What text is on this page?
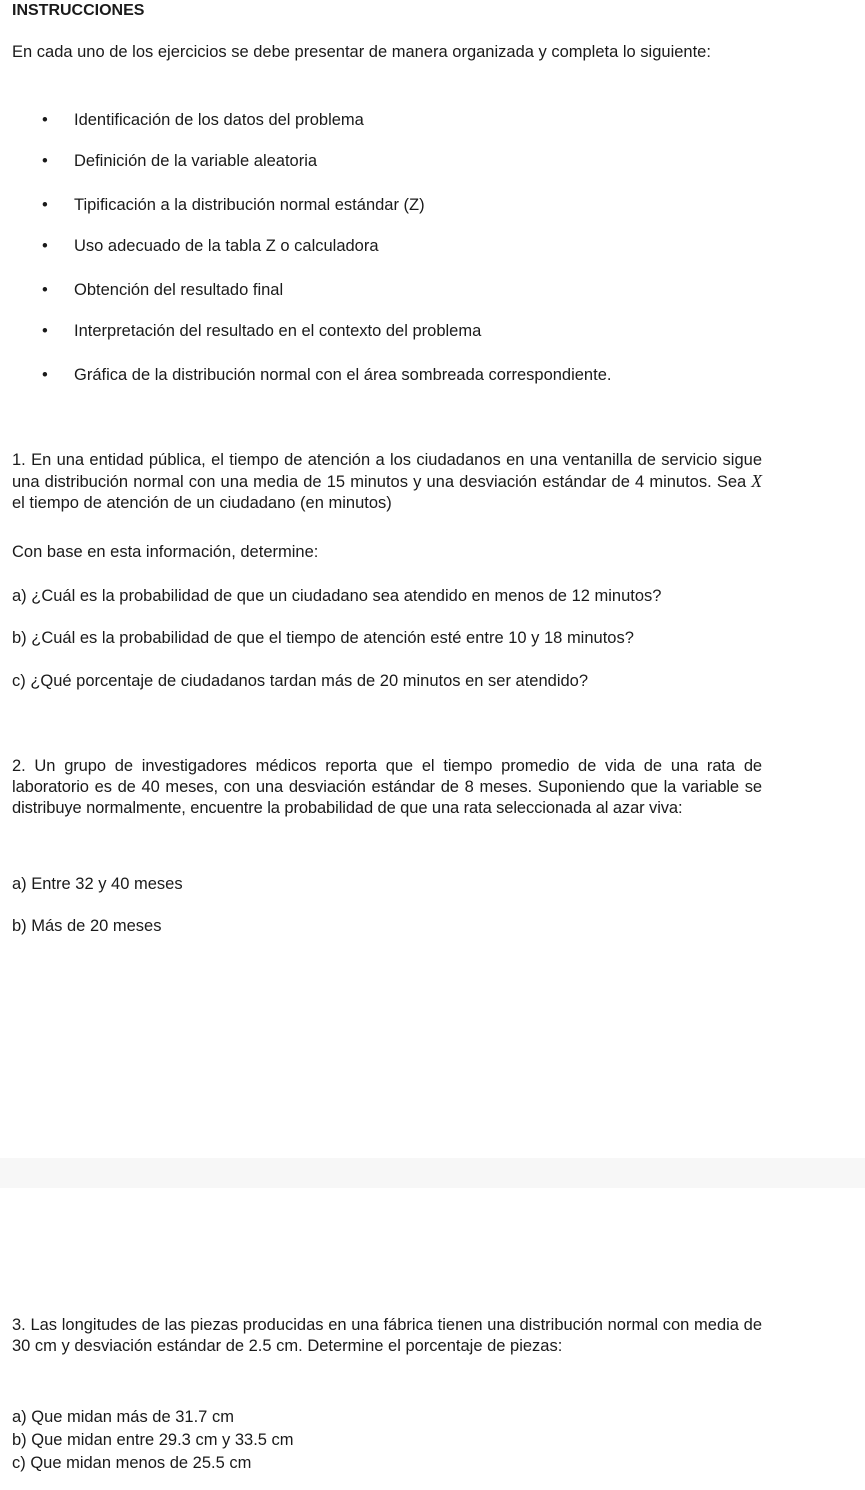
INSTRUCCIONES

En cada uno de los ejercicios se debe presentar de manera organizada y completa lo siguiente:

Identificación de los datos del problema
Definición de la variable aleatoria
Tipificación a la distribución normal estándar (Z)
Uso adecuado de la tabla Z o calculadora
Obtención del resultado final
Interpretación del resultado en el contexto del problema
Gráfica de la distribución normal con el área sombreada correspondiente.

1. En una entidad pública, el tiempo de atención a los ciudadanos en una ventanilla de servicio sigue una distribución normal con una media de 15 minutos y una desviación estándar de 4 minutos. Sea X el tiempo de atención de un ciudadano (en minutos)

Con base en esta información, determine:

a) ¿Cuál es la probabilidad de que un ciudadano sea atendido en menos de 12 minutos?

b) ¿Cuál es la probabilidad de que el tiempo de atención esté entre 10 y 18 minutos?

c) ¿Qué porcentaje de ciudadanos tardan más de 20 minutos en ser atendido?

2. Un grupo de investigadores médicos reporta que el tiempo promedio de vida de una rata de laboratorio es de 40 meses, con una desviación estándar de 8 meses. Suponiendo que la variable se distribuye normalmente, encuentre la probabilidad de que una rata seleccionada al azar viva:

a) Entre 32 y 40 meses

b) Más de 20 meses

3. Las longitudes de las piezas producidas en una fábrica tienen una distribución normal con media de 30 cm y desviación estándar de 2.5 cm. Determine el porcentaje de piezas:

a) Que midan más de 31.7 cm

b) Que midan entre 29.3 cm y 33.5 cm

c) Que midan menos de 25.5 cm
